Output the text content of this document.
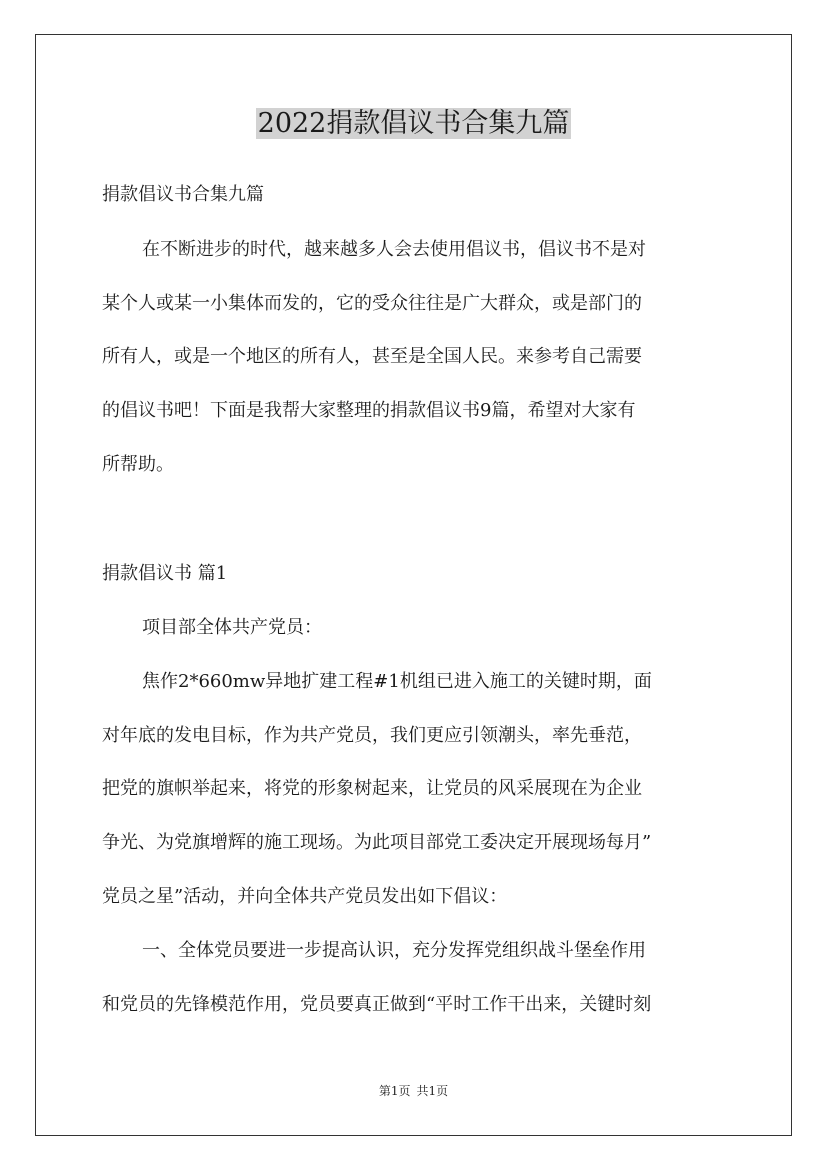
2022捐款倡议书合集九篇
捐款倡议书合集九篇
在不断进步的时代，越来越多人会去使用倡议书，倡议书不是对
某个人或某一小集体而发的，它的受众往往是广大群众，或是部门的
所有人，或是一个地区的所有人，甚至是全国人民。来参考自己需要
的倡议书吧！下面是我帮大家整理的捐款倡议书9篇，希望对大家有
所帮助。
捐款倡议书 篇1
项目部全体共产党员：
焦作2*660mw异地扩建工程#1机组已进入施工的关键时期，面
对年底的发电目标，作为共产党员，我们更应引领潮头，率先垂范，
把党的旗帜举起来，将党的形象树起来，让党员的风采展现在为企业
争光、为党旗增辉的施工现场。为此项目部党工委决定开展现场每月”
党员之星”活动，并向全体共产党员发出如下倡议：
一、全体党员要进一步提高认识，充分发挥党组织战斗堡垒作用
和党员的先锋模范作用，党员要真正做到“平时工作干出来，关键时刻
第1页 共1页
